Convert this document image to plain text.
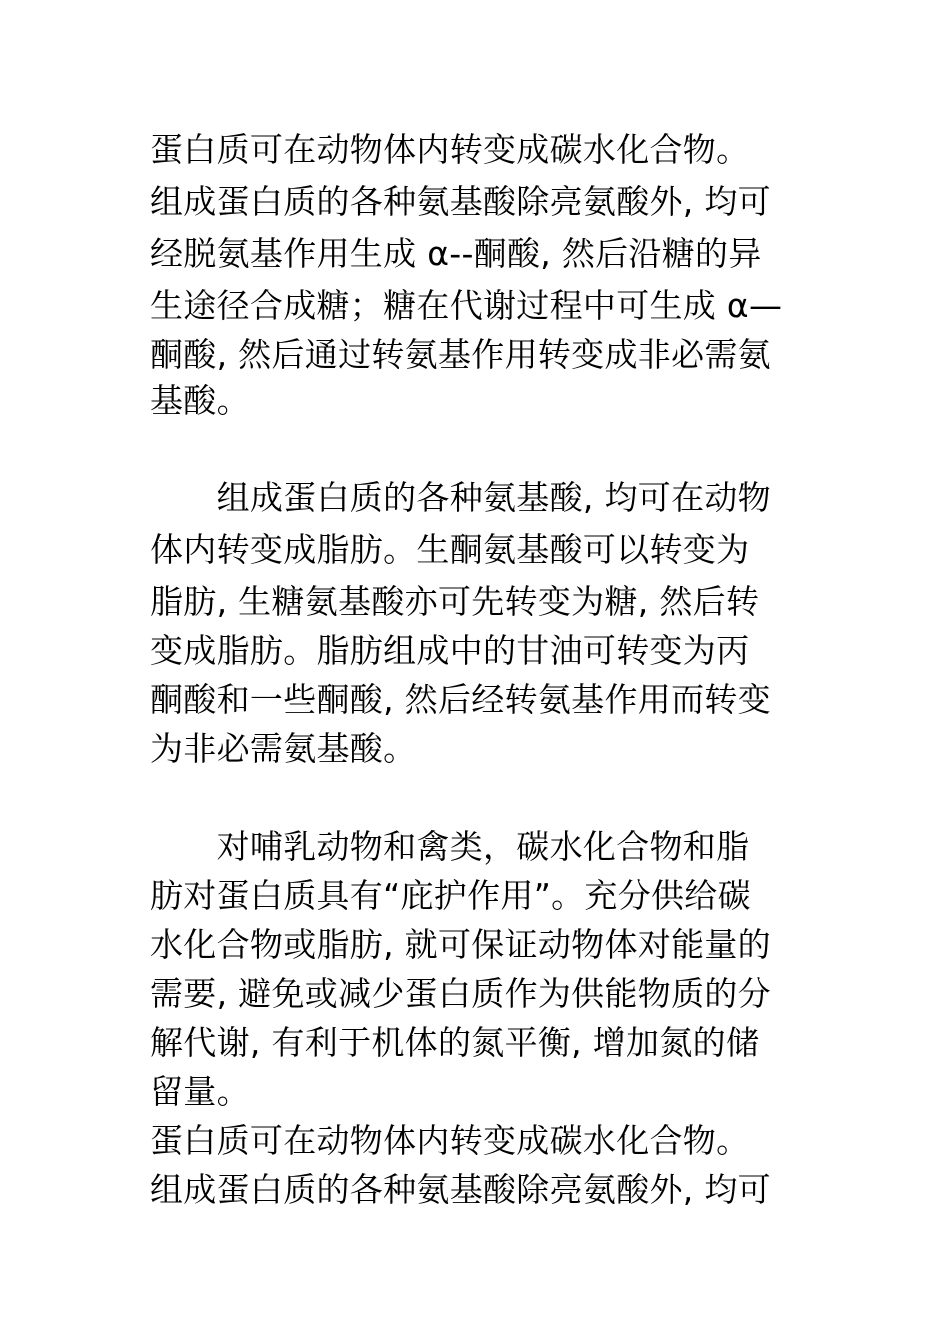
蛋白质可在动物体内转变成碳水化合物。
组成蛋白质的各种氨基酸除亮氨酸外, 均可
经脱氨基作用生成 α--酮酸, 然后沿糖的异
生途径合成糖；糖在代谢过程中可生成 α—
酮酸, 然后通过转氨基作用转变成非必需氨
基酸。
　　组成蛋白质的各种氨基酸, 均可在动物
体内转变成脂肪。生酮氨基酸可以转变为
脂肪, 生糖氨基酸亦可先转变为糖, 然后转
变成脂肪。脂肪组成中的甘油可转变为丙
酮酸和一些酮酸, 然后经转氨基作用而转变
为非必需氨基酸。
　　对哺乳动物和禽类，碳水化合物和脂
肪对蛋白质具有“庇护作用”。充分供给碳
水化合物或脂肪, 就可保证动物体对能量的
需要, 避免或减少蛋白质作为供能物质的分
解代谢, 有利于机体的氮平衡, 增加氮的储
留量。
蛋白质可在动物体内转变成碳水化合物。
组成蛋白质的各种氨基酸除亮氨酸外, 均可
